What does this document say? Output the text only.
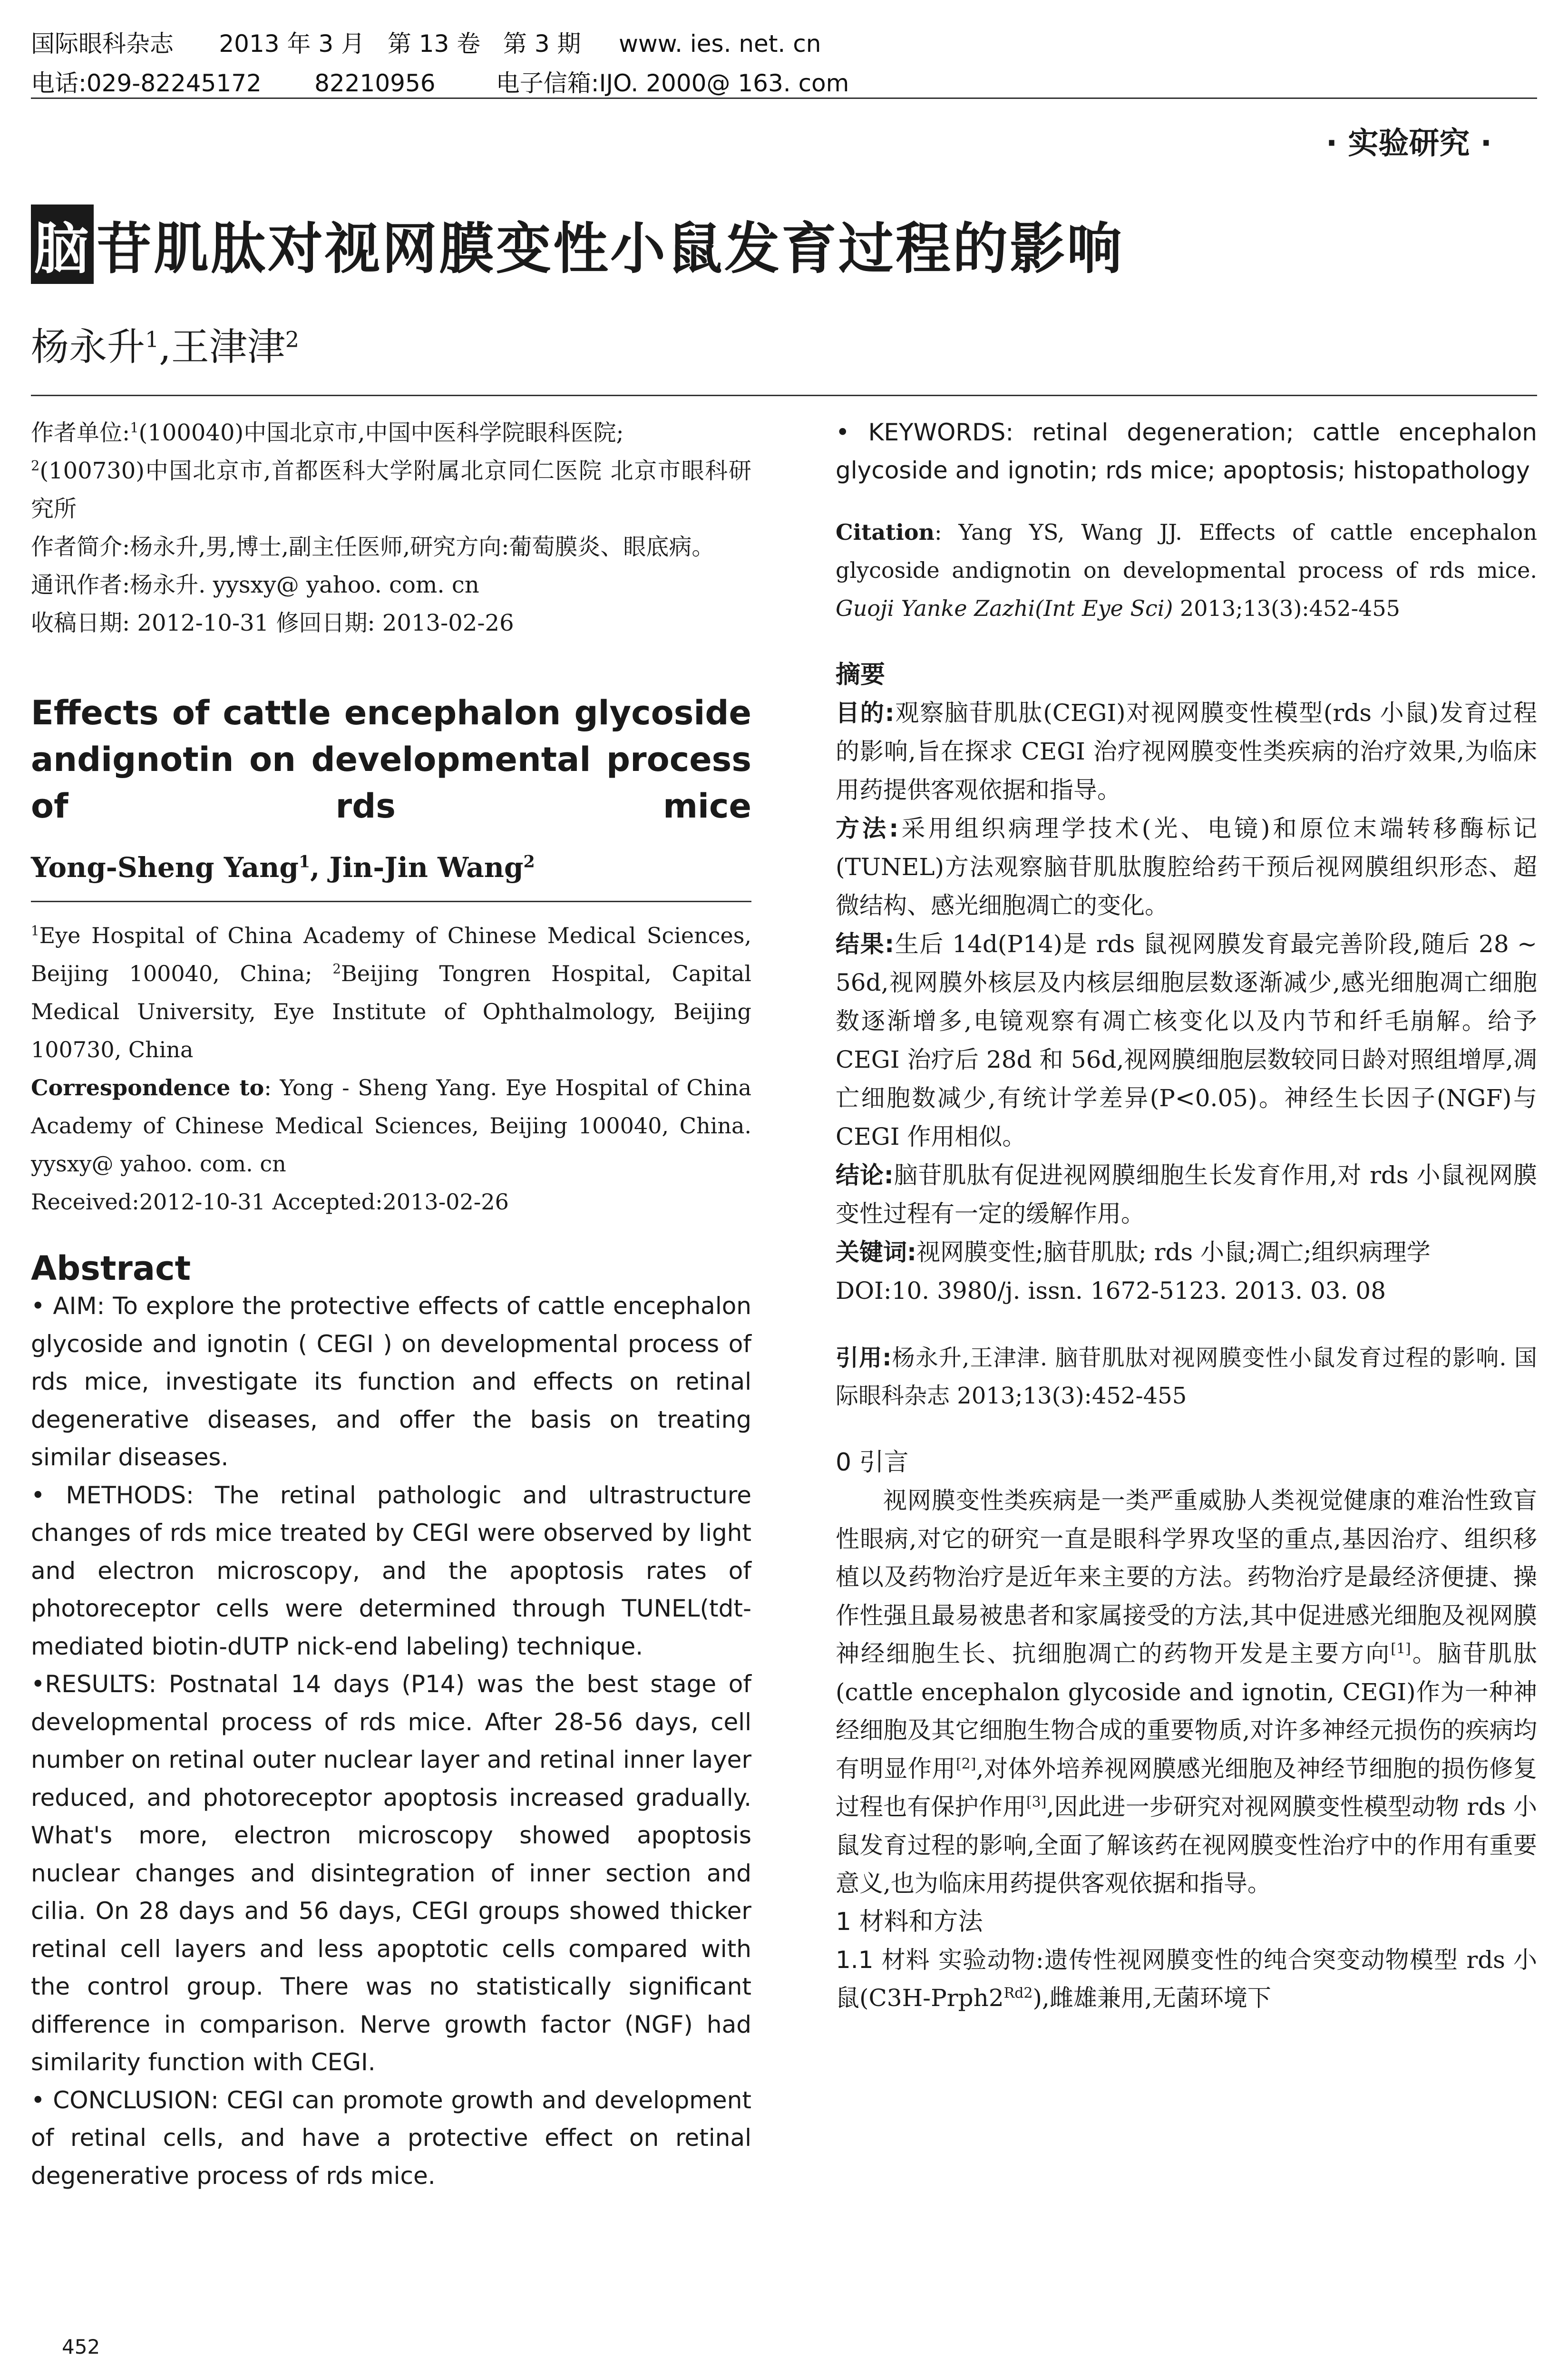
国际眼科杂志 2013 年 3 月 第 13 卷 第 3 期 www. ies. net. cn
电话:029-82245172 82210956	电子信箱:IJO. 2000@ 163. com
· 实验研究 ·
脑 苷肌肽对视网膜变性小鼠发育过程的影响
杨永升$^1$,王津津$^2$

作者单位:$^1$(100040)中国北京市,中国中医科学院眼科医院;

$^2$(100730)中国北京市,首都医科大学附属北京同仁医院 北京市眼科研究所

作者简介:杨永升,男,博士,副主任医师,研究方向:葡萄膜炎、眼底病。

通讯作者:杨永升. yysxy@ yahoo. com. cn

收稿日期: 2012-10-31 修回日期: 2013-02-26

Effects of cattle encephalon glycoside andignotin on developmental process of rds mice
Yong-Sheng Yang$^1$, Jin-Jin Wang$^2$

$^1$Eye Hospital of China Academy of Chinese Medical Sciences, Beijing 100040, China; $^2$Beijing Tongren Hospital, Capital Medical University, Eye Institute of Ophthalmology, Beijing 100730, China

Correspondence to: Yong - Sheng Yang. Eye Hospital of China Academy of Chinese Medical Sciences, Beijing 100040, China. yysxy@ yahoo. com. cn

Received:2012-10-31 Accepted:2013-02-26

Abstract

• AIM: To explore the protective effects of cattle encephalon glycoside and ignotin ( CEGI ) on developmental process of rds mice, investigate its function and effects on retinal degenerative diseases, and offer the basis on treating similar diseases.

• METHODS: The retinal pathologic and ultrastructure changes of rds mice treated by CEGI were observed by light and electron microscopy, and the apoptosis rates of photoreceptor cells were determined through TUNEL(tdt-mediated biotin-dUTP nick-end labeling) technique.

•RESULTS: Postnatal 14 days (P14) was the best stage of developmental process of rds mice. After 28-56 days, cell number on retinal outer nuclear layer and retinal inner layer reduced, and photoreceptor apoptosis increased gradually. What's more, electron microscopy showed apoptosis nuclear changes and disintegration of inner section and cilia. On 28 days and 56 days, CEGI groups showed thicker retinal cell layers and less apoptotic cells compared with the control group. There was no statistically significant difference in comparison. Nerve growth factor (NGF) had similarity function with CEGI.

• CONCLUSION: CEGI can promote growth and development of retinal cells, and have a protective effect on retinal degenerative process of rds mice.

• KEYWORDS: retinal degeneration; cattle encephalon glycoside and ignotin; rds mice; apoptosis; histopathology
Citation: Yang YS, Wang JJ. Effects of cattle encephalon glycoside andignotin on developmental process of rds mice. Guoji Yanke Zazhi(Int Eye Sci) 2013;13(3):452-455
摘要

目的:观察脑苷肌肽(CEGI)对视网膜变性模型(rds 小鼠)发育过程的影响,旨在探求 CEGI 治疗视网膜变性类疾病的治疗效果,为临床用药提供客观依据和指导。

方法:采用组织病理学技术(光、电镜)和原位末端转移酶标记(TUNEL)方法观察脑苷肌肽腹腔给药干预后视网膜组织形态、超微结构、感光细胞凋亡的变化。

结果:生后 14d(P14)是 rds 鼠视网膜发育最完善阶段,随后 28 ~ 56d,视网膜外核层及内核层细胞层数逐渐减少,感光细胞凋亡细胞数逐渐增多,电镜观察有凋亡核变化以及内节和纤毛崩解。给予 CEGI 治疗后 28d 和 56d,视网膜细胞层数较同日龄对照组增厚,凋亡细胞数减少,有统计学差异(P<0.05)。神经生长因子(NGF)与 CEGI 作用相似。

结论:脑苷肌肽有促进视网膜细胞生长发育作用,对 rds 小鼠视网膜变性过程有一定的缓解作用。

关键词:视网膜变性;脑苷肌肽; rds 小鼠;凋亡;组织病理学

DOI:10. 3980/j. issn. 1672-5123. 2013. 03. 08

引用:杨永升,王津津. 脑苷肌肽对视网膜变性小鼠发育过程的影响. 国际眼科杂志 2013;13(3):452-455
0 引言
视网膜变性类疾病是一类严重威胁人类视觉健康的难治性致盲性眼病,对它的研究一直是眼科学界攻坚的重点,基因治疗、组织移植以及药物治疗是近年来主要的方法。药物治疗是最经济便捷、操作性强且最易被患者和家属接受的方法,其中促进感光细胞及视网膜神经细胞生长、抗细胞凋亡的药物开发是主要方向[1]。脑苷肌肽(cattle encephalon glycoside and ignotin, CEGI)作为一种神经细胞及其它细胞生物合成的重要物质,对许多神经元损伤的疾病均有明显作用[2],对体外培养视网膜感光细胞及神经节细胞的损伤修复过程也有保护作用[3],因此进一步研究对视网膜变性模型动物 rds 小鼠发育过程的影响,全面了解该药在视网膜变性治疗中的作用有重要意义,也为临床用药提供客观依据和指导。
1 材料和方法
1.1 材料 实验动物:遗传性视网膜变性的纯合突变动物模型 rds 小鼠$(C3H-Prph2^{Rd2})$,雌雄兼用,无菌环境下
452
